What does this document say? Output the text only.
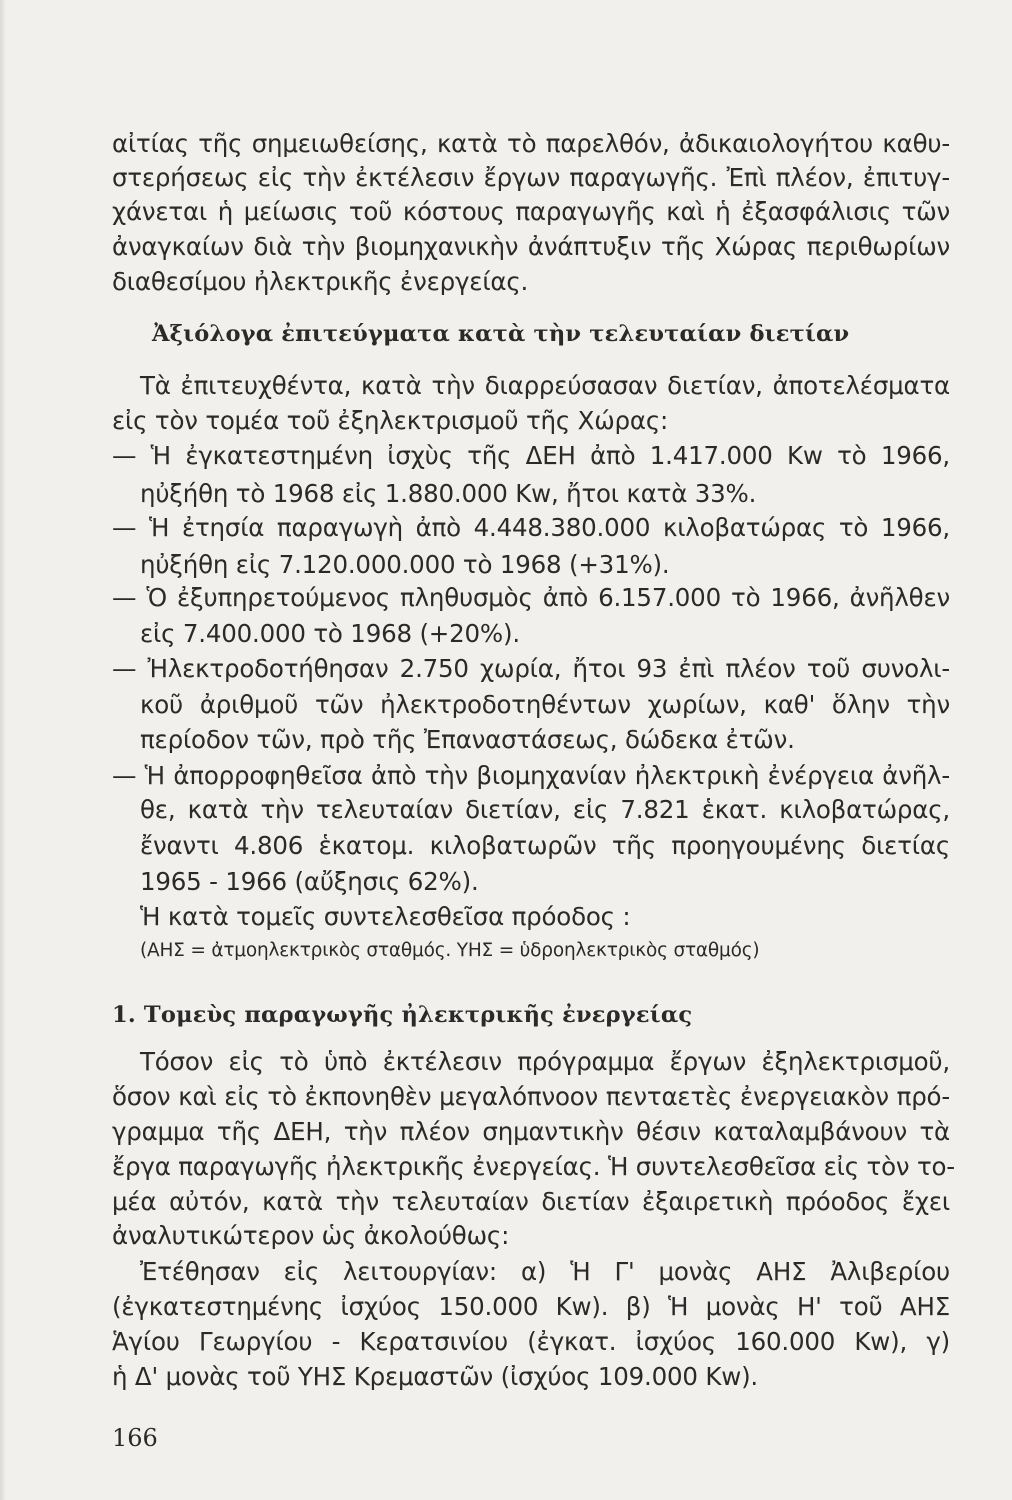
αἰτίας τῆς σημειωθείσης, κατὰ τὸ παρελθόν, ἀδικαιολογήτου καθυ-
στερήσεως εἰς τὴν ἐκτέλεσιν ἔργων παραγωγῆς. Ἐπὶ πλέον, ἐπιτυγ-
χάνεται ἡ μείωσις τοῦ κόστους παραγωγῆς καὶ ἡ ἐξασφάλισις τῶν
ἀναγκαίων διὰ τὴν βιομηχανικὴν ἀνάπτυξιν τῆς Χώρας περιθωρίων
διαθεσίμου ἠλεκτρικῆς ἐνεργείας.
Ἀξιόλογα ἐπιτεύγματα κατὰ τὴν τελευταίαν διετίαν
Τὰ ἐπιτευχθέντα, κατὰ τὴν διαρρεύσασαν διετίαν, ἀποτελέσματα
εἰς τὸν τομέα τοῦ ἐξηλεκτρισμοῦ τῆς Χώρας:
— Ἡ ἐγκατεστημένη ἰσχὺς τῆς ΔΕΗ ἀπὸ 1.417.000 Kw τὸ 1966,
ηὐξήθη τὸ 1968 εἰς 1.880.000 Kw, ἤτοι κατὰ 33%.
— Ἡ ἐτησία παραγωγὴ ἀπὸ 4.448.380.000 κιλοβατώρας τὸ 1966,
ηὐξήθη εἰς 7.120.000.000 τὸ 1968 (+31%).
— Ὁ ἐξυπηρετούμενος πληθυσμὸς ἀπὸ 6.157.000 τὸ 1966, ἀνῆλθεν
εἰς 7.400.000 τὸ 1968 (+20%).
— Ἠλεκτροδοτήθησαν 2.750 χωρία, ἤτοι 93 ἐπὶ πλέον τοῦ συνολι-
κοῦ ἀριθμοῦ τῶν ἠλεκτροδοτηθέντων χωρίων, καθ' ὅλην τὴν
περίοδον τῶν, πρὸ τῆς Ἐπαναστάσεως, δώδεκα ἐτῶν.
— Ἡ ἀπορροφηθεῖσα ἀπὸ τὴν βιομηχανίαν ἠλεκτρικὴ ἐνέργεια ἀνῆλ-
θε, κατὰ τὴν τελευταίαν διετίαν, εἰς 7.821 ἑκατ. κιλοβατώρας,
ἔναντι 4.806 ἑκατομ. κιλοβατωρῶν τῆς προηγουμένης διετίας
1965 - 1966 (αὔξησις 62%).
Ἡ κατὰ τομεῖς συντελεσθεῖσα πρόοδος :
(ΑΗΣ = ἀτμοηλεκτρικὸς σταθμός. ΥΗΣ = ὑδροηλεκτρικὸς σταθμός)
1. Τομεὺς παραγωγῆς ἠλεκτρικῆς ἐνεργείας
Τόσον εἰς τὸ ὑπὸ ἐκτέλεσιν πρόγραμμα ἔργων ἐξηλεκτρισμοῦ,
ὅσον καὶ εἰς τὸ ἐκπονηθὲν μεγαλόπνοον πενταετὲς ἐνεργειακὸν πρό-
γραμμα τῆς ΔΕΗ, τὴν πλέον σημαντικὴν θέσιν καταλαμβάνουν τὰ
ἔργα παραγωγῆς ἠλεκτρικῆς ἐνεργείας. Ἡ συντελεσθεῖσα εἰς τὸν το-
μέα αὐτόν, κατὰ τὴν τελευταίαν διετίαν ἐξαιρετικὴ πρόοδος ἔχει
ἀναλυτικώτερον ὡς ἀκολούθως:
Ἐτέθησαν εἰς λειτουργίαν: α) Ἡ Γ' μονὰς ΑΗΣ Ἀλιβερίου
(ἐγκατεστημένης ἰσχύος 150.000 Kw). β) Ἡ μονὰς Η' τοῦ ΑΗΣ
Ἁγίου Γεωργίου - Κερατσινίου (ἐγκατ. ἰσχύος 160.000 Kw), γ)
ἡ Δ' μονὰς τοῦ ΥΗΣ Κρεμαστῶν (ἰσχύος 109.000 Kw).
166
